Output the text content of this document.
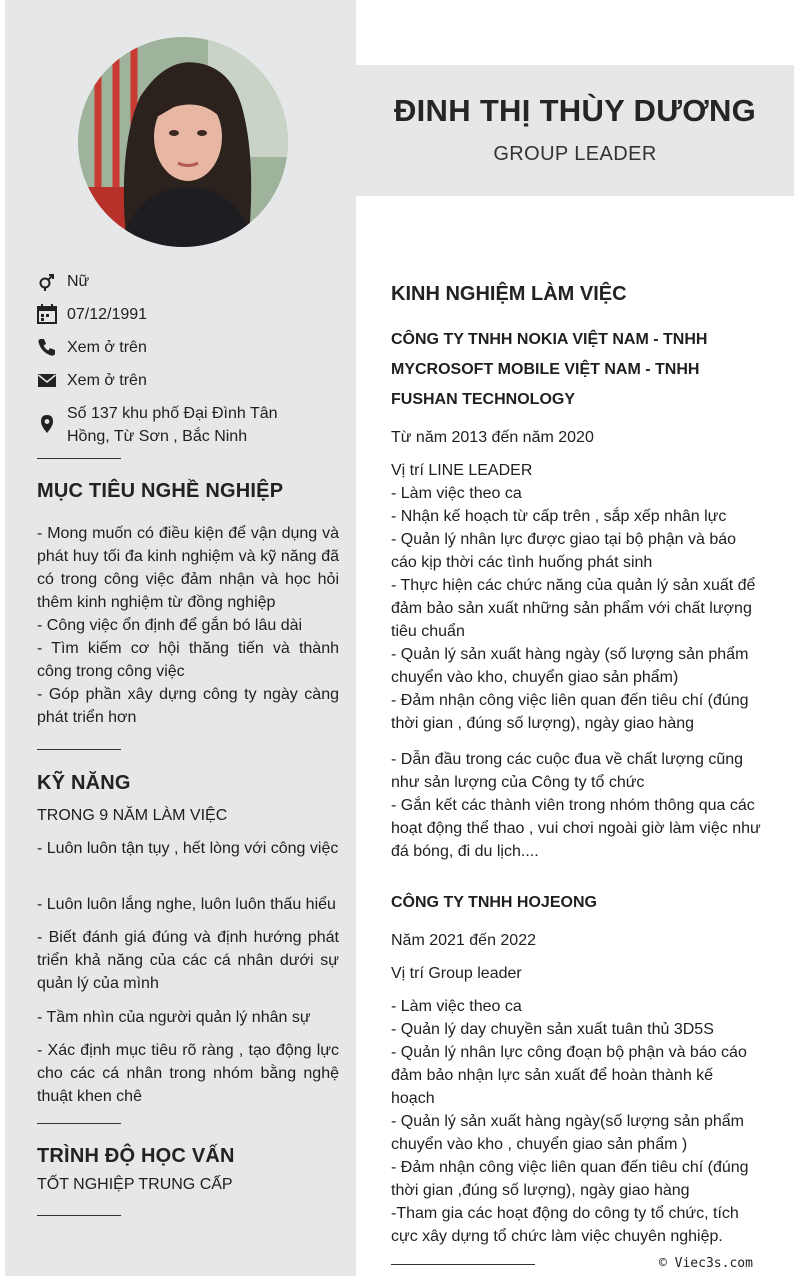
Nữ
07/12/1991
Xem ở trên
Xem ở trên
Số 137 khu phố Đại Đình Tân
Hồng, Từ Sơn , Bắc Ninh
MỤC TIÊU NGHỀ NGHIỆP
- Mong muốn có điều kiện để vận dụng và phát huy tối đa kinh nghiệm và kỹ năng đã có trong công việc đảm nhận và học hỏi thêm kinh nghiệm từ đồng nghiệp
- Công việc ổn định để gắn bó lâu dài
- Tìm kiếm cơ hội thăng tiến và thành công trong công việc
- Góp phần xây dựng công ty ngày càng phát triển hơn
KỸ NĂNG
TRONG 9 NĂM LÀM VIỆC
- Luôn luôn tận tụy , hết lòng với công việc
- Luôn luôn lắng nghe, luôn luôn thấu hiểu
- Biết đánh giá đúng và định hướng phát triển khả năng của các cá nhân dưới sự quản lý của mình
- Tầm nhìn của người quản lý nhân sự
- Xác định mục tiêu rõ ràng , tạo động lực cho các cá nhân trong nhóm bằng nghệ thuật khen chê
TRÌNH ĐỘ HỌC VẤN
TỐT NGHIỆP TRUNG CẤP
ĐINH THỊ THÙY DƯƠNG
GROUP LEADER
KINH NGHIỆM LÀM VIỆC
CÔNG TY TNHH NOKIA VIỆT NAM - TNHH MYCROSOFT MOBILE VIỆT NAM - TNHH FUSHAN TECHNOLOGY
Từ năm 2013 đến năm 2020
Vị trí LINE LEADER
- Làm việc theo ca
- Nhận kế hoạch từ cấp trên , sắp xếp nhân lực
- Quản lý nhân lực được giao tại bộ phận và báo cáo kịp thời các tình huống phát sinh
- Thực hiện các chức năng của quản lý sản xuất để đảm bảo sản xuất những sản phẩm với chất lượng tiêu chuẩn
- Quản lý sản xuất hàng ngày (số lượng sản phẩm chuyển vào kho, chuyển giao sản phẩm)
- Đảm nhận công việc liên quan đến tiêu chí (đúng thời gian , đúng số lượng), ngày giao hàng
- Dẫn đầu trong các cuộc đua về chất lượng cũng như sản lượng của Công ty tổ chức
- Gắn kết các thành viên trong nhóm thông qua các hoạt động thể thao , vui chơi ngoài giờ làm việc như đá bóng, đi du lịch....
CÔNG TY TNHH HOJEONG
Năm 2021 đến 2022
Vị trí Group leader
- Làm việc theo ca
- Quản lý day chuyền sản xuất tuân thủ 3D5S
- Quản lý nhân lực công đoạn bộ phận và báo cáo đảm bảo nhận lực sản xuất để hoàn thành kế hoạch
- Quản lý sản xuất hàng ngày(số lượng sản phẩm chuyển vào kho , chuyển giao sản phẩm )
- Đảm nhận công việc liên quan đến tiêu chí (đúng thời gian ,đúng số lượng), ngày giao hàng
-Tham gia các hoạt động do công ty tổ chức, tích cực xây dựng tổ chức làm việc chuyên nghiệp.
© Viec3s.com
